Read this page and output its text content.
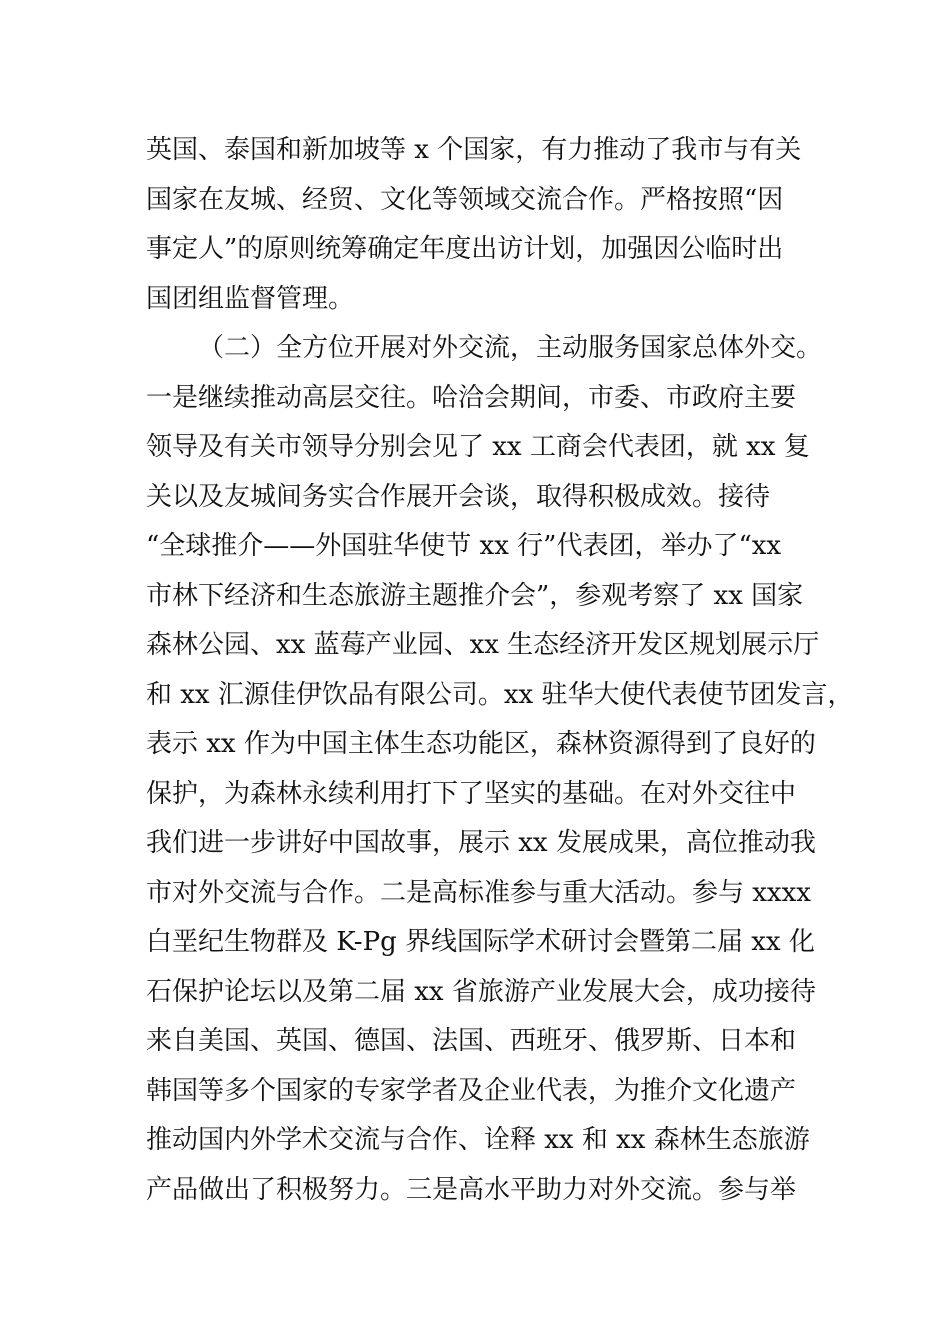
英国、泰国和新加坡等 x 个国家，有力推动了我市与有关
国家在友城、经贸、文化等领域交流合作。严格按照“因
事定人”的原则统筹确定年度出访计划，加强因公临时出
国团组监督管理。
（二）全方位开展对外交流，主动服务国家总体外交。
一是继续推动高层交往。哈洽会期间，市委、市政府主要
领导及有关市领导分别会见了 xx 工商会代表团，就 xx 复
关以及友城间务实合作展开会谈，取得积极成效。接待
“全球推介——外国驻华使节 xx 行”代表团，举办了“xx
市林下经济和生态旅游主题推介会”，参观考察了 xx 国家
森林公园、xx 蓝莓产业园、xx 生态经济开发区规划展示厅
和 xx 汇源佳伊饮品有限公司。xx 驻华大使代表使节团发言，
表示 xx 作为中国主体生态功能区，森林资源得到了良好的
保护，为森林永续利用打下了坚实的基础。在对外交往中
我们进一步讲好中国故事，展示 xx 发展成果，高位推动我
市对外交流与合作。二是高标准参与重大活动。参与 xxxx
白垩纪生物群及 K-Pg 界线国际学术研讨会暨第二届 xx 化
石保护论坛以及第二届 xx 省旅游产业发展大会，成功接待
来自美国、英国、德国、法国、西班牙、俄罗斯、日本和
韩国等多个国家的专家学者及企业代表，为推介文化遗产
推动国内外学术交流与合作、诠释 xx 和 xx 森林生态旅游
产品做出了积极努力。三是高水平助力对外交流。参与举
